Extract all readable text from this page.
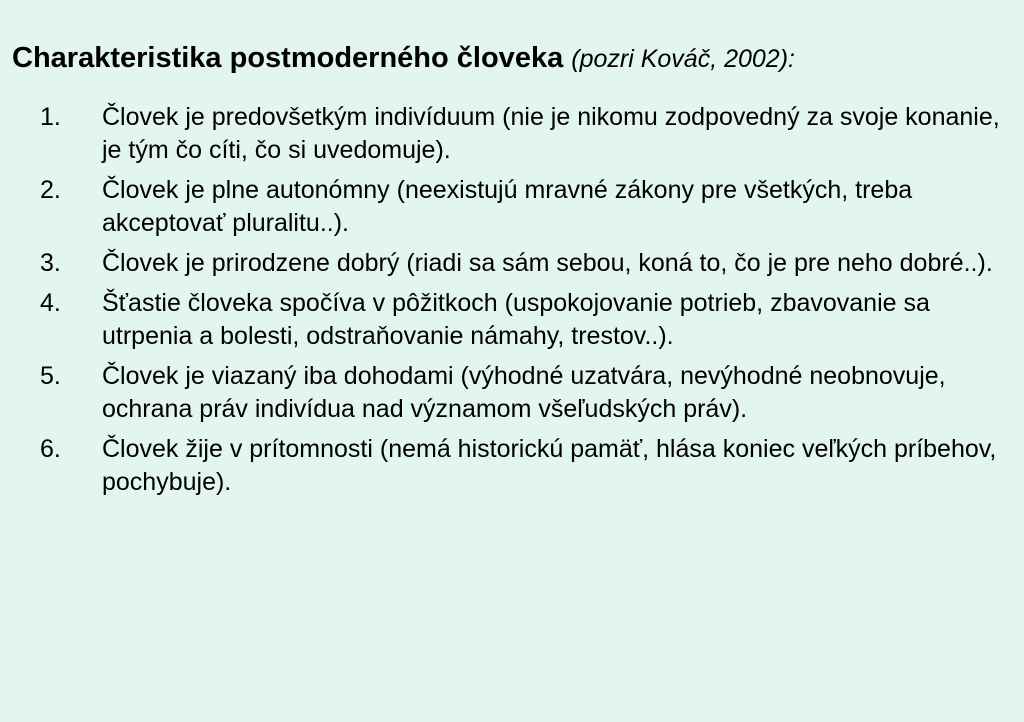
Charakteristika postmoderného človeka (pozri Kováč, 2002):
1. Človek je predovšetkým indivíduum (nie je nikomu zodpovedný za svoje konanie, je tým čo cíti, čo si uvedomuje).
2. Človek je plne autonómny (neexistujú mravné zákony pre všetkých, treba akceptovať pluralitu..).
3. Človek je prirodzene dobrý (riadi sa sám sebou, koná to, čo je pre neho dobré..).
4. Šťastie človeka spočíva v pôžitkoch (uspokojovanie potrieb, zbavovanie sa utrpenia a bolesti, odstraňovanie námahy, trestov..).
5. Človek je viazaný iba dohodami (výhodné uzatvára, nevýhodné neobnovuje, ochrana práv indivídua nad významom všeľudských práv).
6. Človek žije v prítomnosti (nemá historickú pamäť, hlása koniec veľkých príbehov, pochybuje).
